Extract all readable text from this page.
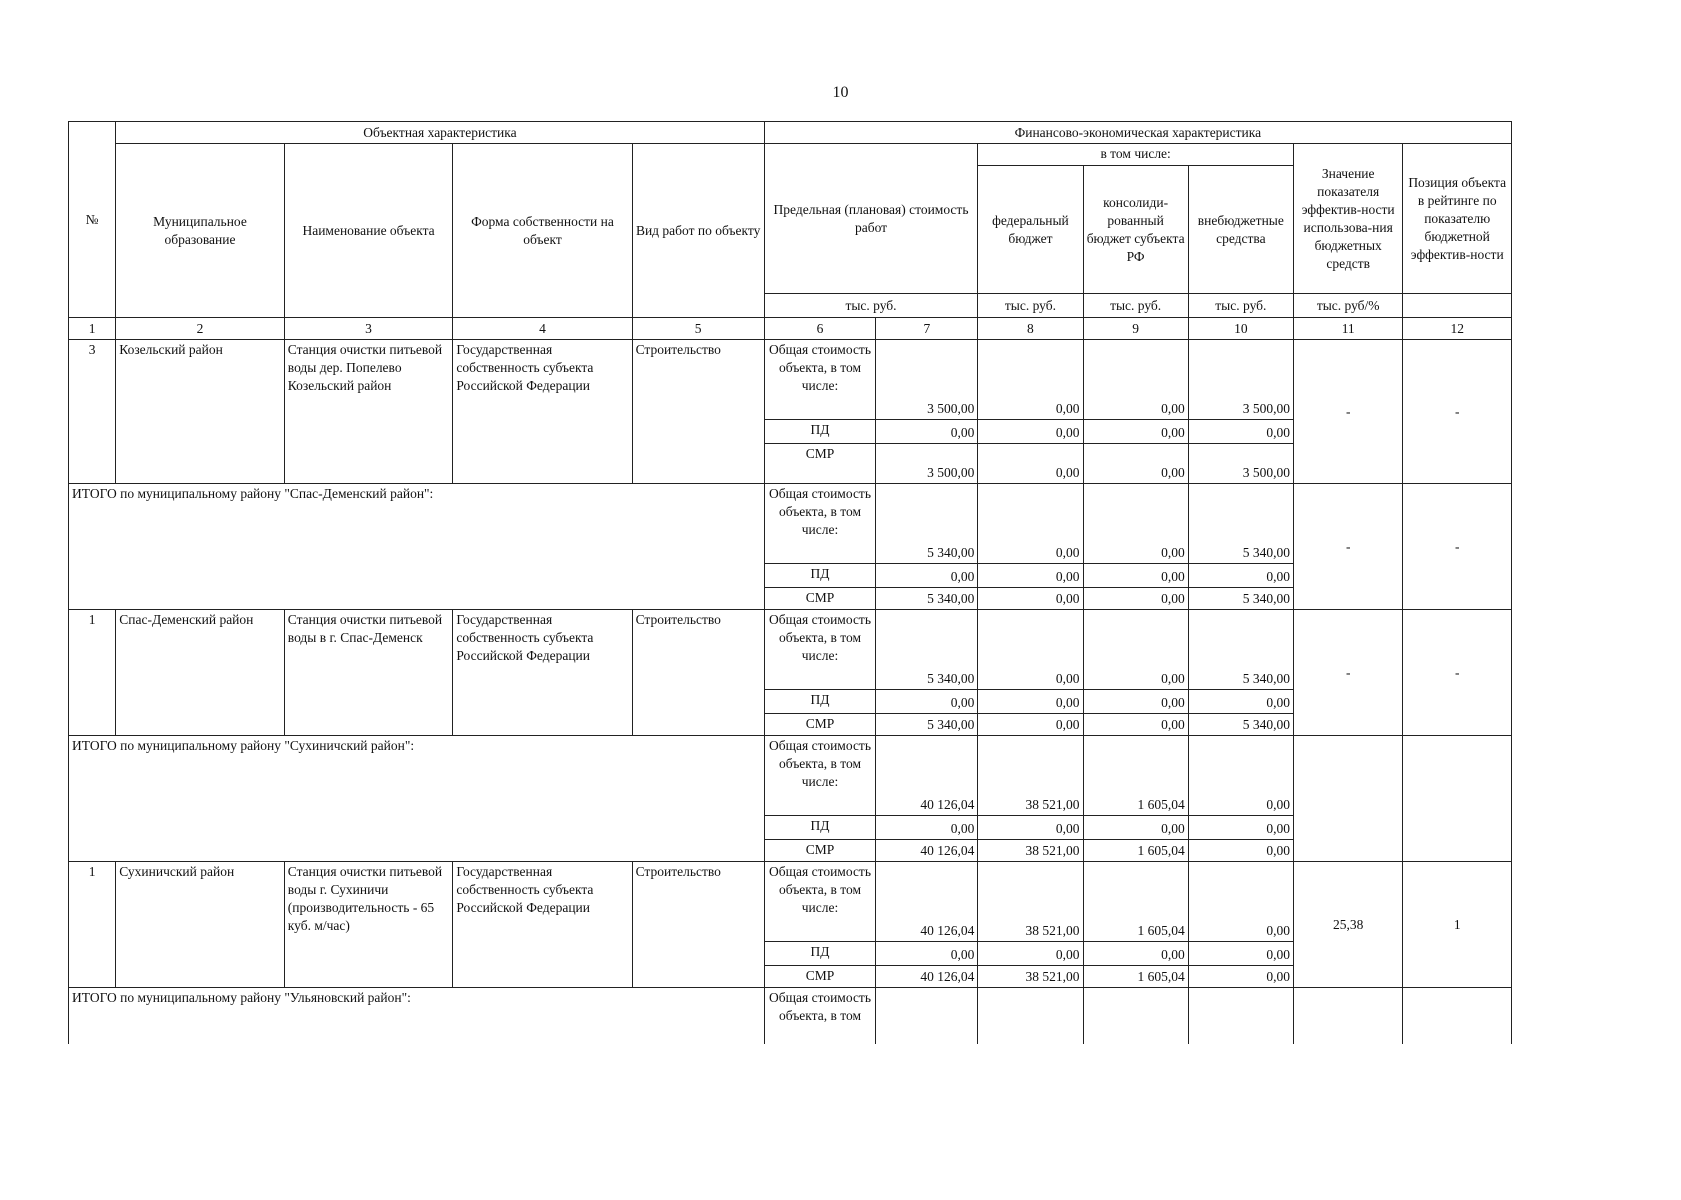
10
№	Объектная характеристика				Финансово-экономическая характеристика						
	Муниципальное образование	Наименование объекта	Форма собственности на объект	Вид работ по объекту	Предельная (плановая) стоимость работ		в том числе:			Значение показателя эффектив-ности использова-ния бюджетных средств	Позиция объекта в рейтинге по показателю бюджетной эффектив-ности
							федеральный бюджет	консолиди-рованный бюджет субъекта РФ	внебюджетные средства		
					тыс. руб.		тыс. руб.	тыс. руб.	тыс. руб.	тыс. руб/%	
1	2	3	4	5	6	7	8	9	10	11	12
3	Козельский район	Станция очистки питьевой воды дер. Попелево Козельский район	Государственная собственность субъекта Российской Федерации	Строительство	Общая стоимость объекта, в том числе:	3 500,00	0,00	0,00	3 500,00	-	-
					ПД	0,00	0,00	0,00	0,00		
					СМР	3 500,00	0,00	0,00	3 500,00		
ИТОГО по муниципальному району "Спас-Деменский район":					Общая стоимость объекта, в том числе:	5 340,00	0,00	0,00	5 340,00	-	-
					ПД	0,00	0,00	0,00	0,00		
					СМР	5 340,00	0,00	0,00	5 340,00		
1	Спас-Деменский район	Станция очистки питьевой воды в г. Спас-Деменск	Государственная собственность субъекта Российской Федерации	Строительство	Общая стоимость объекта, в том числе:	5 340,00	0,00	0,00	5 340,00	-	-
					ПД	0,00	0,00	0,00	0,00		
					СМР	5 340,00	0,00	0,00	5 340,00		
ИТОГО по муниципальному району "Сухиничский район":					Общая стоимость объекта, в том числе:	40 126,04	38 521,00	1 605,04	0,00		
					ПД	0,00	0,00	0,00	0,00		
					СМР	40 126,04	38 521,00	1 605,04	0,00		
1	Сухиничский район	Станция очистки питьевой воды г. Сухиничи (производительность - 65 куб. м/час)	Государственная собственность субъекта Российской Федерации	Строительство	Общая стоимость объекта, в том числе:	40 126,04	38 521,00	1 605,04	0,00	25,38	1
					ПД	0,00	0,00	0,00	0,00		
					СМР	40 126,04	38 521,00	1 605,04	0,00		
ИТОГО по муниципальному району "Ульяновский район":					Общая стоимость объекта, в том						
